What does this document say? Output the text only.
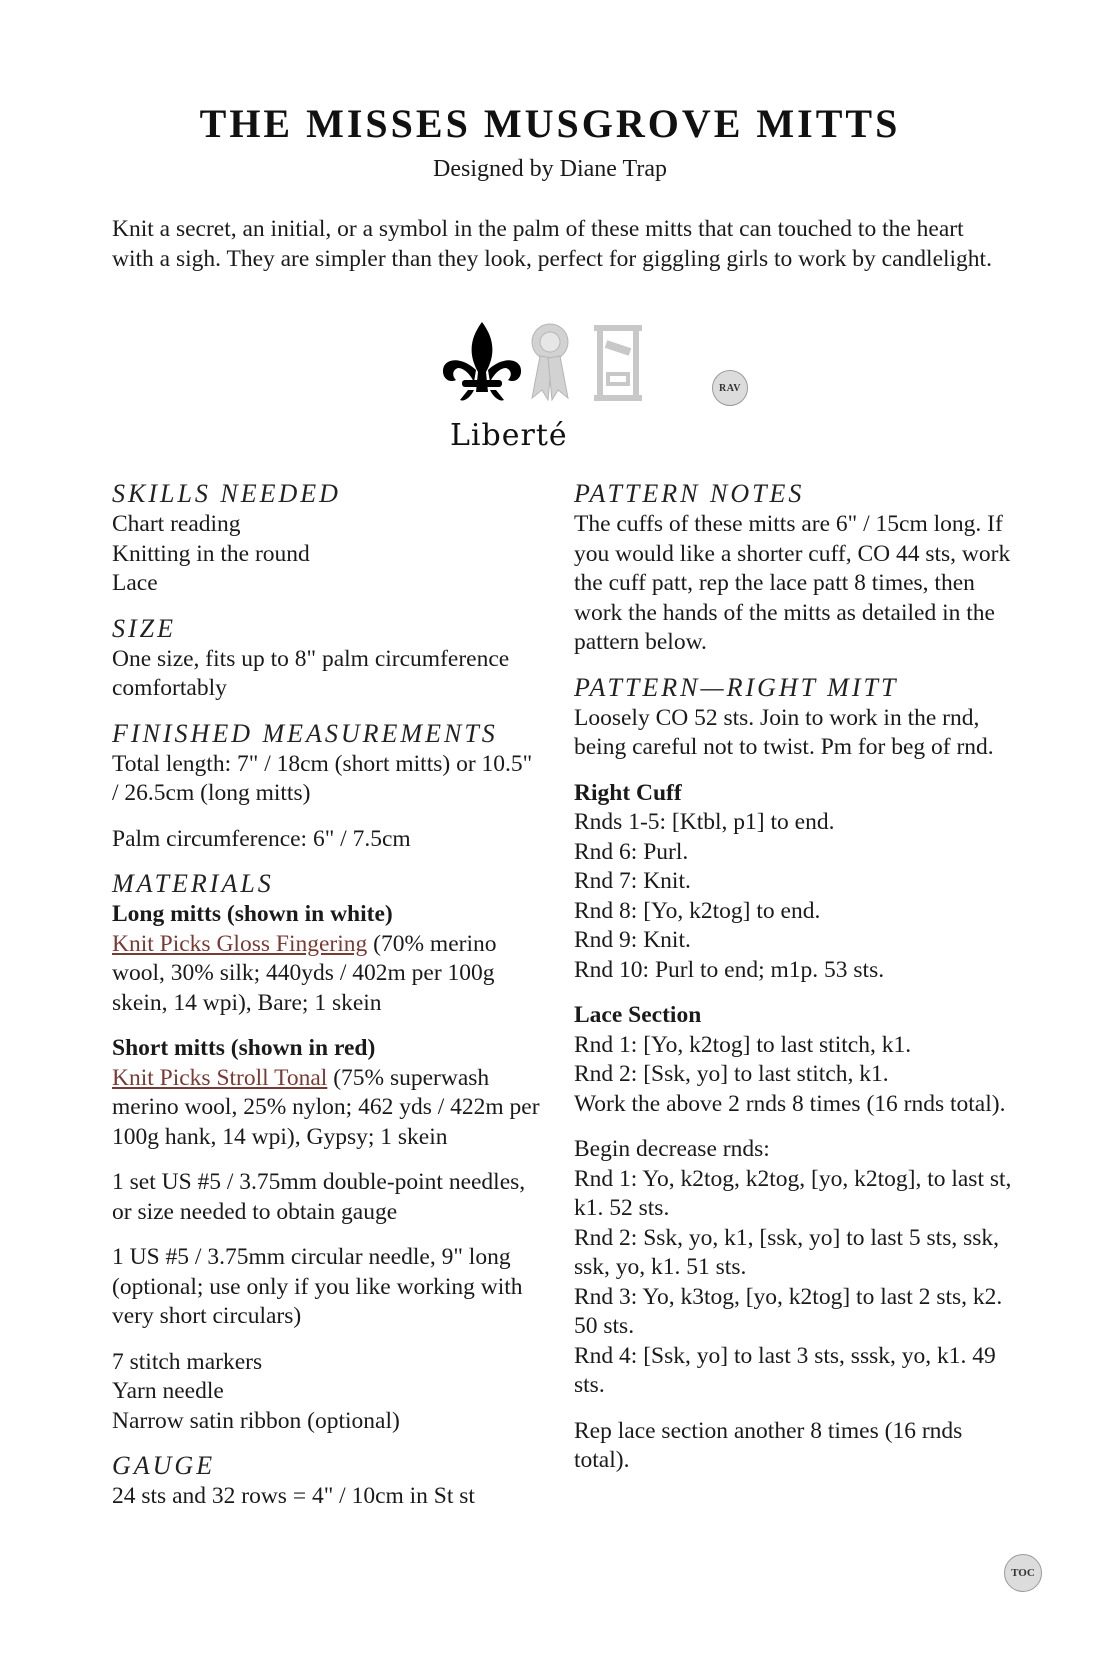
THE MISSES MUSGROVE MITTS

Designed by Diane Trap

Knit a secret, an initial, or a symbol in the palm of these mitts that can touched to the heart with a sigh. They are simpler than they look, perfect for giggling girls to work by candlelight.

Liberté
RAV
SKILLS NEEDED
Chart reading
Knitting in the round
Lace
SIZE

One size, fits up to 8" palm circumference comfortably

FINISHED MEASUREMENTS

Total length: 7" / 18cm (short mitts) or 10.5" / 26.5cm (long mitts)

Palm circumference: 6" / 7.5cm

MATERIALS
Long mitts (shown in white)

Knit Picks Gloss Fingering (70% merino wool, 30% silk; 440yds / 402m per 100g skein, 14 wpi), Bare; 1 skein

Short mitts (shown in red)

Knit Picks Stroll Tonal (75% superwash merino wool, 25% nylon; 462 yds / 422m per 100g hank, 14 wpi), Gypsy; 1 skein

1 set US #5 / 3.75mm double-point needles, or size needed to obtain gauge

1 US #5 / 3.75mm circular needle, 9" long (optional; use only if you like working with very short circulars)

7 stitch markers
Yarn needle
Narrow satin ribbon (optional)
GAUGE

24 sts and 32 rows = 4" / 10cm in St st

PATTERN NOTES

The cuffs of these mitts are 6" / 15cm long. If you would like a shorter cuff, CO 44 sts, work the cuff patt, rep the lace patt 8 times, then work the hands of the mitts as detailed in the pattern below.

PATTERN—RIGHT MITT

Loosely CO 52 sts. Join to work in the rnd, being careful not to twist. Pm for beg of rnd.

Right Cuff
Rnds 1-5: [Ktbl, p1] to end.
Rnd 6: Purl.
Rnd 7: Knit.
Rnd 8: [Yo, k2tog] to end.
Rnd 9: Knit.
Rnd 10: Purl to end; m1p. 53 sts.
Lace Section
Rnd 1: [Yo, k2tog] to last stitch, k1.
Rnd 2: [Ssk, yo] to last stitch, k1.
Work the above 2 rnds 8 times (16 rnds total).
Begin decrease rnds:
Rnd 1: Yo, k2tog, k2tog, [yo, k2tog], to last st, k1. 52 sts.
Rnd 2: Ssk, yo, k1, [ssk, yo] to last 5 sts, ssk, ssk, yo, k1. 51 sts.
Rnd 3: Yo, k3tog, [yo, k2tog] to last 2 sts, k2. 50 sts.
Rnd 4: [Ssk, yo] to last 3 sts, sssk, yo, k1. 49 sts.

Rep lace section another 8 times (16 rnds total).

TOC
